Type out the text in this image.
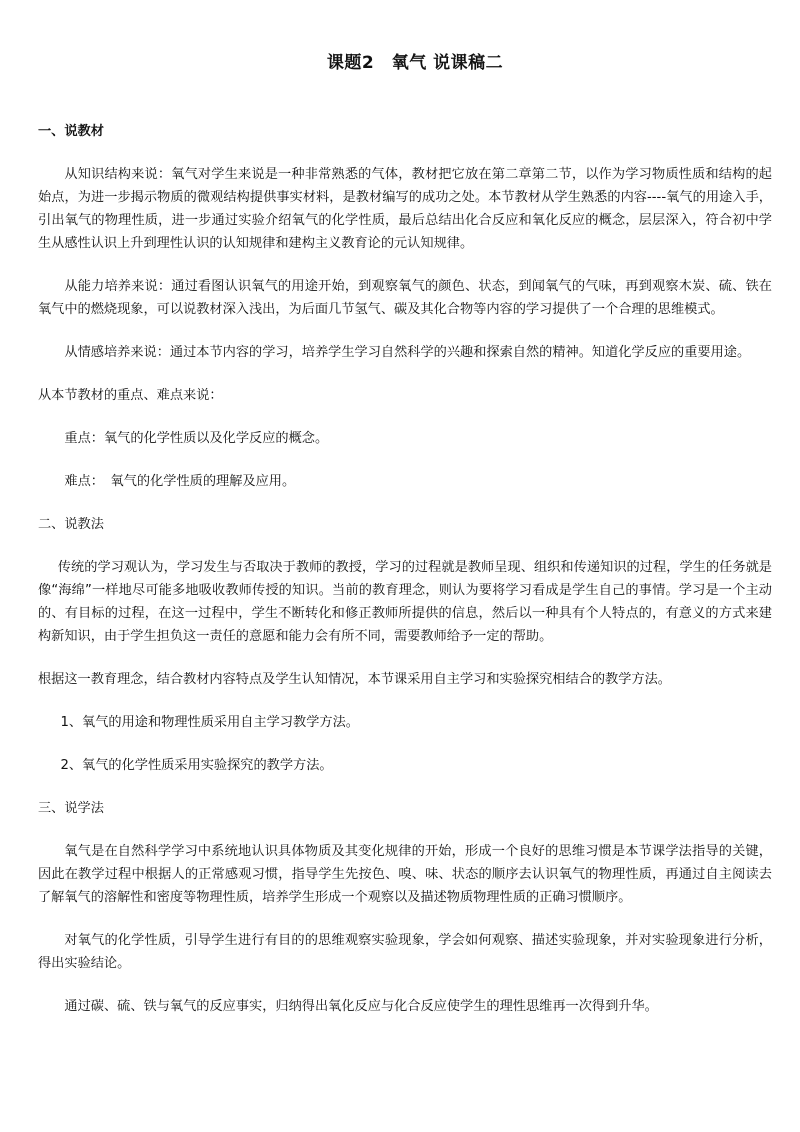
课题2　氧气 说课稿二
一、说教材

从知识结构来说：氧气对学生来说是一种非常熟悉的气体，教材把它放在第二章第二节，以作为学习物质性质和结构的起始点，为进一步揭示物质的微观结构提供事实材料，是教材编写的成功之处。本节教材从学生熟悉的内容----氧气的用途入手，引出氧气的物理性质，进一步通过实验介绍氧气的化学性质，最后总结出化合反应和氧化反应的概念，层层深入，符合初中学生从感性认识上升到理性认识的认知规律和建构主义教育论的元认知规律。

从能力培养来说：通过看图认识氧气的用途开始，到观察氧气的颜色、状态，到闻氧气的气味，再到观察木炭、硫、铁在氧气中的燃烧现象，可以说教材深入浅出，为后面几节氢气、碳及其化合物等内容的学习提供了一个合理的思维模式。

从情感培养来说：通过本节内容的学习，培养学生学习自然科学的兴趣和探索自然的精神。知道化学反应的重要用途。

从本节教材的重点、难点来说：

重点：氧气的化学性质以及化学反应的概念。

难点：　氧气的化学性质的理解及应用。

二、说教法

传统的学习观认为，学习发生与否取决于教师的教授，学习的过程就是教师呈现、组织和传递知识的过程，学生的任务就是像“海绵”一样地尽可能多地吸收教师传授的知识。当前的教育理念，则认为要将学习看成是学生自己的事情。学习是一个主动的、有目标的过程，在这一过程中，学生不断转化和修正教师所提供的信息，然后以一种具有个人特点的，有意义的方式来建构新知识，由于学生担负这一责任的意愿和能力会有所不同，需要教师给予一定的帮助。

根据这一教育理念，结合教材内容特点及学生认知情况，本节课采用自主学习和实验探究相结合的教学方法。

1、氧气的用途和物理性质采用自主学习教学方法。

2、氧气的化学性质采用实验探究的教学方法。

三、说学法

氧气是在自然科学学习中系统地认识具体物质及其变化规律的开始，形成一个良好的思维习惯是本节课学法指导的关键，因此在教学过程中根据人的正常感观习惯，指导学生先按色、嗅、味、状态的顺序去认识氧气的物理性质，再通过自主阅读去了解氧气的溶解性和密度等物理性质，培养学生形成一个观察以及描述物质物理性质的正确习惯顺序。

对氧气的化学性质，引导学生进行有目的的思维观察实验现象，学会如何观察、描述实验现象，并对实验现象进行分析，得出实验结论。

通过碳、硫、铁与氧气的反应事实，归纳得出氧化反应与化合反应使学生的理性思维再一次得到升华。
